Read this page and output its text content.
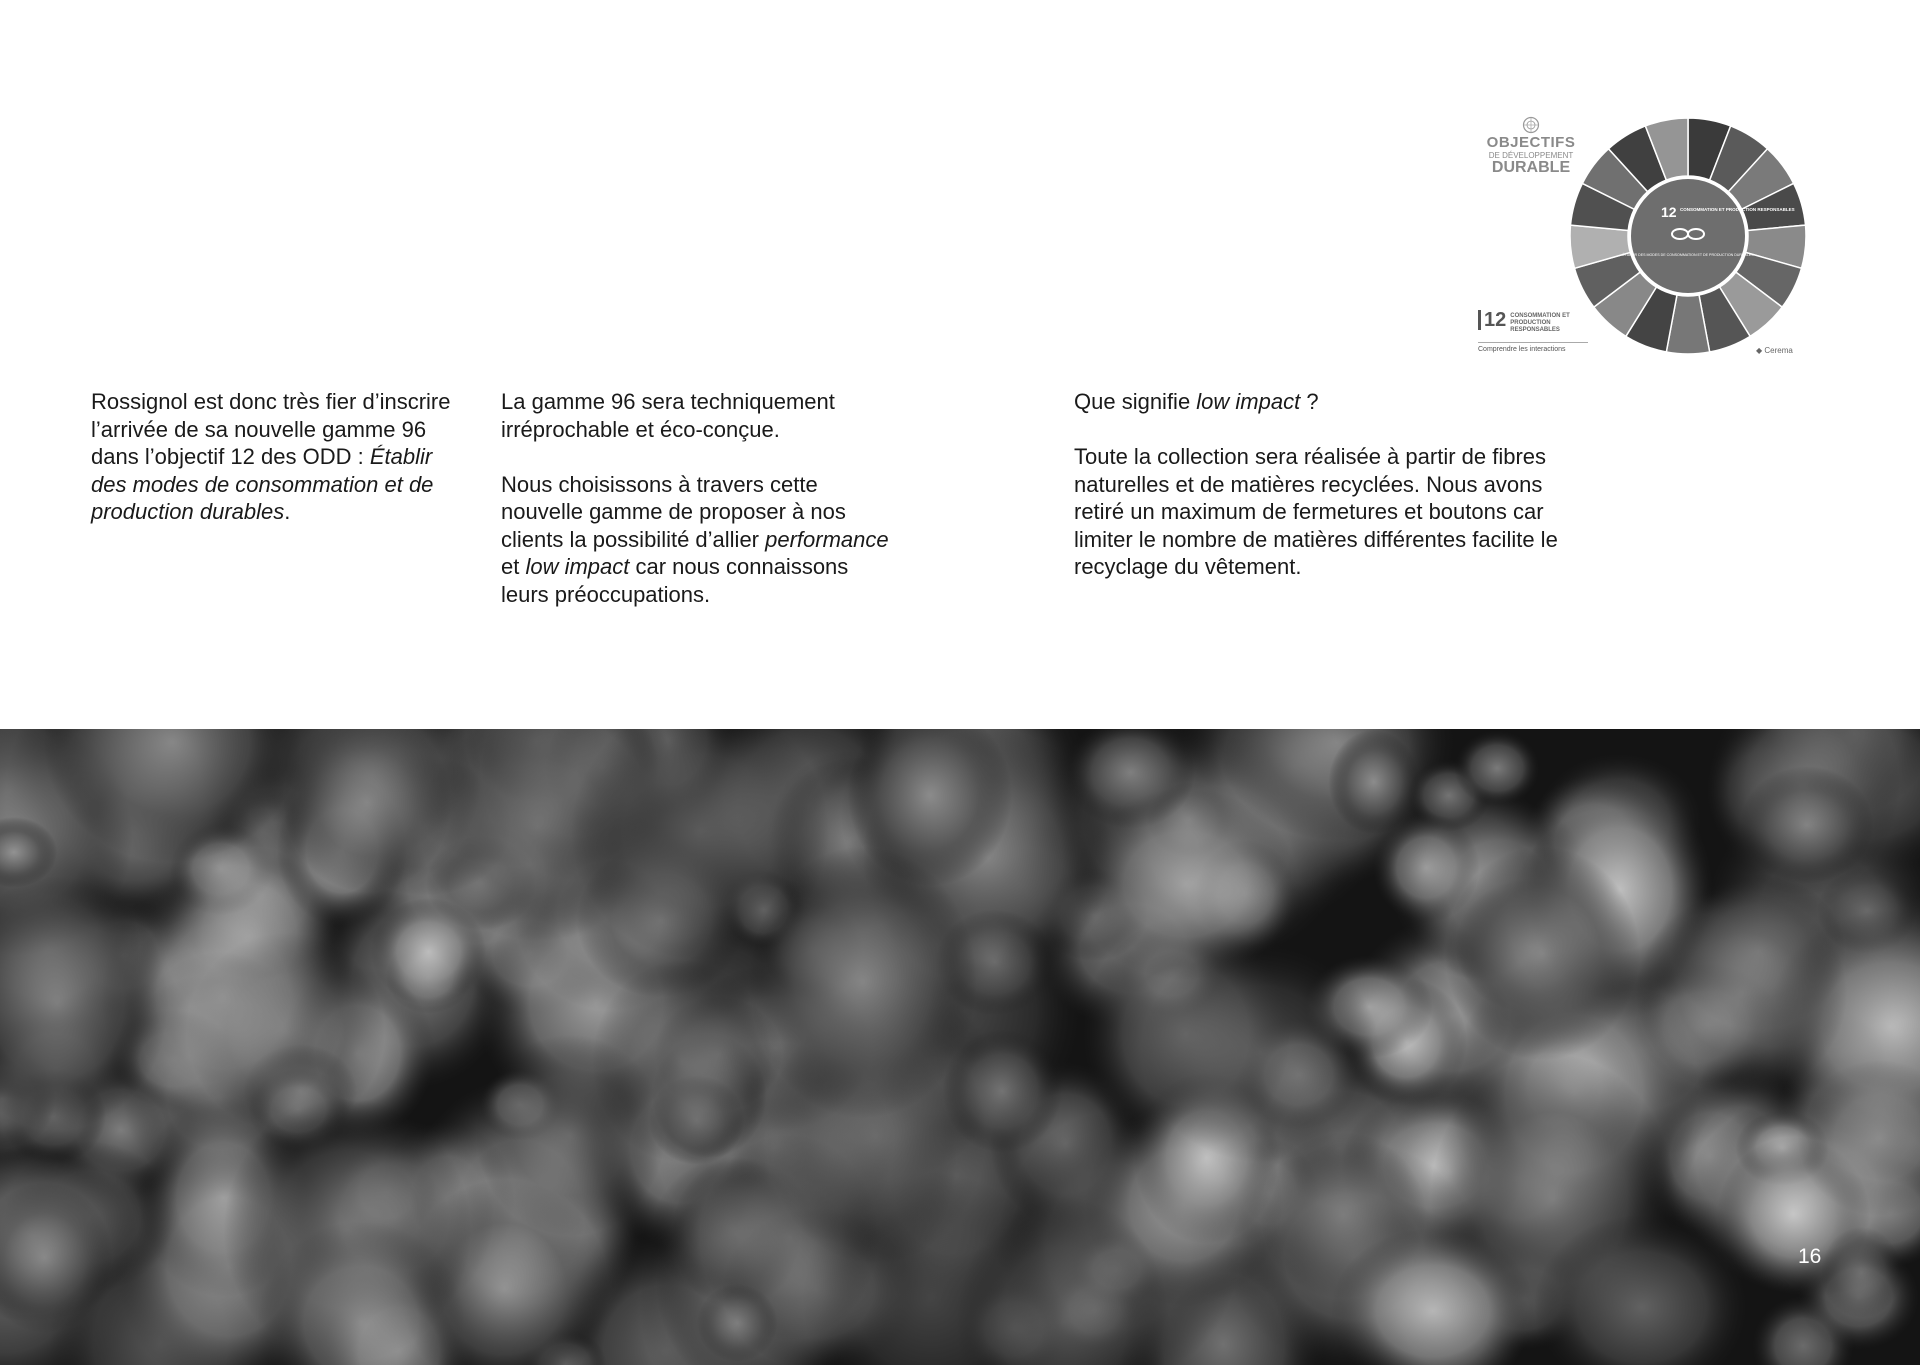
Rossignol est donc très fier d’inscrire l’arrivée de sa nouvelle gamme 96 dans l’objectif 12 des ODD : Établir des modes de consommation et de production durables.

La gamme 96 sera techniquement irréprochable et éco-conçue.

Nous choisissons à travers cette nouvelle gamme de proposer à nos clients la possibilité d’allier performance et low impact car nous connaissons leurs préoccupations.

Que signifie low impact ?

Toute la collection sera réalisée à partir de fibres naturelles et de matières recyclées. Nous avons retiré un maximum de fermetures et boutons car limiter le nombre de matières différentes facilite le recyclage du vêtement.

OBJECTIFS
DE DÉVELOPPEMENT
DURABLE
12 CONSOMMATION ET PRODUCTION RESPONSABLES
ÉTABLIR DES MODES DE CONSOMMATION ET DE PRODUCTION DURABLES
12 CONSOMMATION ET PRODUCTION RESPONSABLES
Comprendre les interactions	◆ Cerema
16
